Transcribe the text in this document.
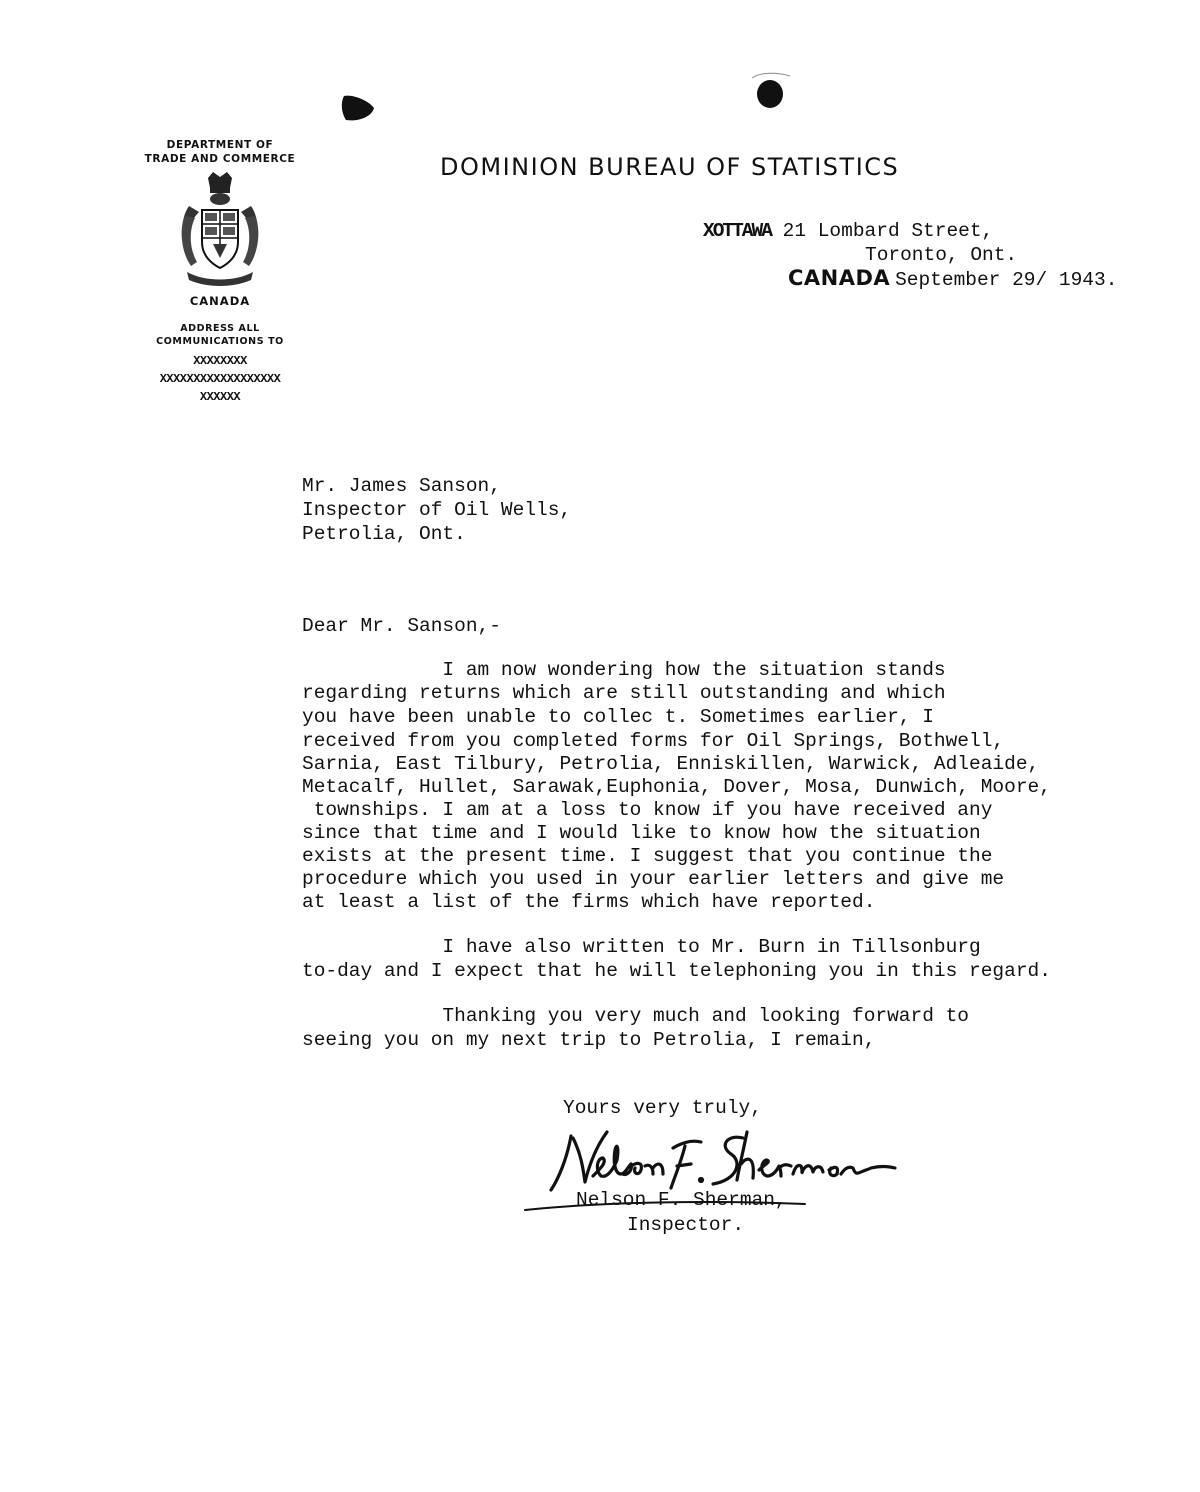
DEPARTMENT OF
TRADE AND COMMERCE
CANADA
ADDRESS ALL
COMMUNICATIONS TO
XXXXXXXX
XXXXXXXXXXXXXXXXXX
XXXXXX
DOMINION BUREAU OF STATISTICS
XOTTAWA 21 Lombard Street,
Toronto, Ont.
CANADA September 29/ 1943.
Mr. James Sanson,
Inspector of Oil Wells,
Petrolia, Ont.
Dear Mr. Sanson,-
I am now wondering how the situation stands
regarding returns which are still outstanding and which
you have been unable to collec t. Sometimes earlier, I
received from you completed forms for Oil Springs, Bothwell,
Sarnia, East Tilbury, Petrolia, Enniskillen, Warwick, Adleaide,
Metacalf, Hullet, Sarawak,Euphonia, Dover, Mosa, Dunwich, Moore,
townships. I am at a loss to know if you have received any
since that time and I would like to know how the situation
exists at the present time. I suggest that you continue the
procedure which you used in your earlier letters and give me
at least a list of the firms which have reported.
I have also written to Mr. Burn in Tillsonburg
to-day and I expect that he will telephoning you in this regard.
Thanking you very much and looking forward to
seeing you on my next trip to Petrolia, I remain,
Yours very truly,
Nelson F. Sherman,
Inspector.
